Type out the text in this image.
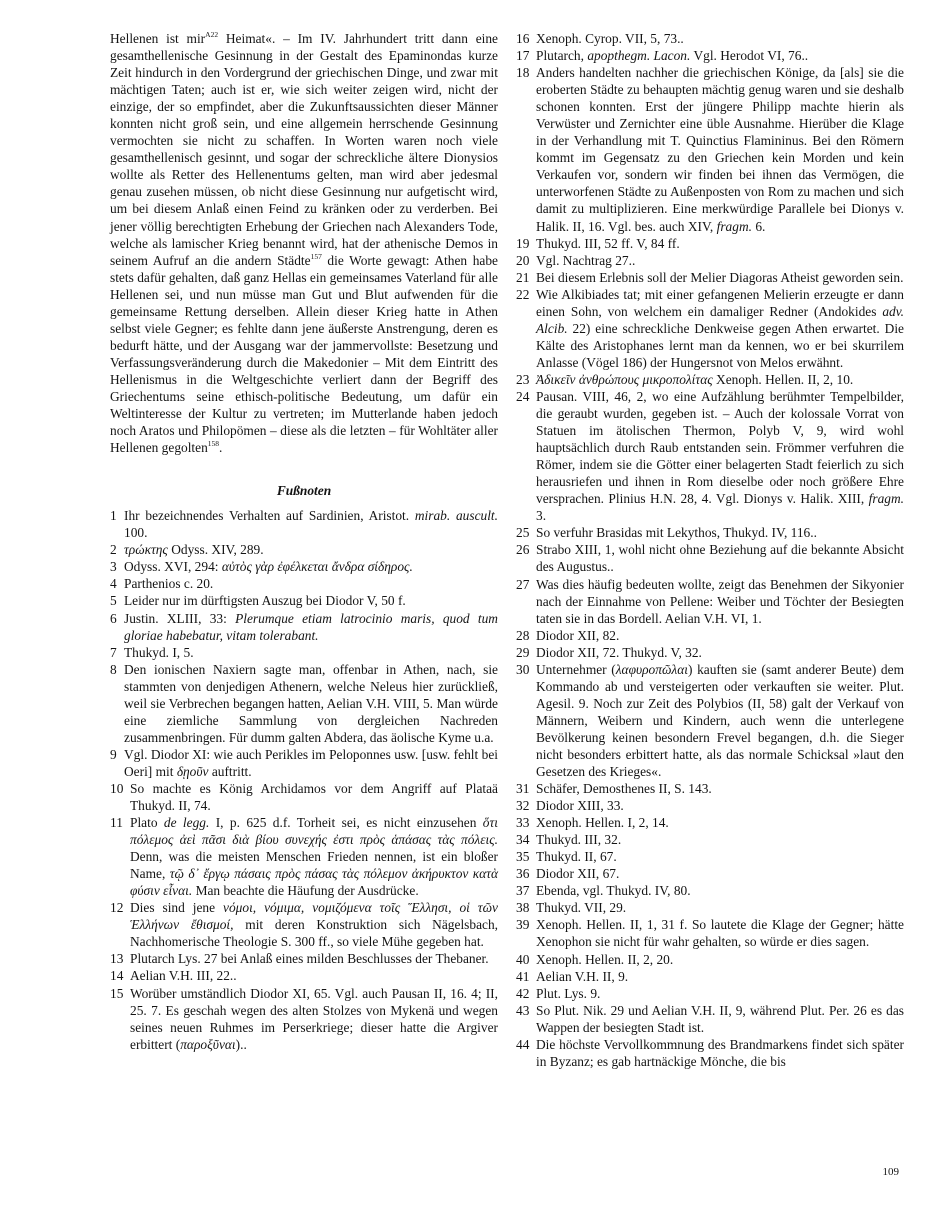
Hellenen ist mir$^{A22}$ Heimat«. – Im IV. Jahrhundert tritt dann eine gesamthellenische Gesinnung in der Gestalt des Epaminondas kurze Zeit hindurch in den Vordergrund der griechischen Dinge, und zwar mit mächtigen Taten; auch ist er, wie sich weiter zeigen wird, nicht der einzige, der so empfindet, aber die Zukunftsaussichten dieser Männer konnten nicht groß sein, und eine allgemein herrschende Gesinnung vermochten sie nicht zu schaffen. In Worten waren noch viele gesamthellenisch gesinnt, und sogar der schreckliche ältere Dionysios wollte als Retter des Hellenentums gelten, man wird aber jedesmal genau zusehen müssen, ob nicht diese Gesinnung nur aufgetischt wird, um bei diesem Anlaß einen Feind zu kränken oder zu verderben. Bei jener völlig berechtigten Erhebung der Griechen nach Alexanders Tode, welche als lamischer Krieg benannt wird, hat der athenische Demos in seinem Aufruf an die andern Städte$^{157}$ die Worte gewagt: Athen habe stets dafür gehalten, daß ganz Hellas ein gemeinsames Vaterland für alle Hellenen sei, und nun müsse man Gut und Blut aufwenden für die gemeinsame Rettung derselben. Allein dieser Krieg hatte in Athen selbst viele Gegner; es fehlte dann jene äußerste Anstrengung, deren es bedurft hätte, und der Ausgang war der jammervollste: Besetzung und Verfassungsveränderung durch die Makedonier – Mit dem Eintritt des Hellenismus in die Weltgeschichte verliert dann der Begriff des Griechentums seine ethisch-politische Bedeutung, um dafür ein Weltinteresse der Kultur zu vertreten; im Mutterlande haben jedoch noch Aratos und Philopömen – diese als die letzten – für Wohltäter aller Hellenen gegolten$^{158}$.

Fußnoten

1 Ihr bezeichnendes Verhalten auf Sardinien, Aristot. mirab. auscult. 100.

2 τρώκτης Odyss. XIV, 289.

3 Odyss. XVI, 294: αὐτὸς γὰρ ἐφέλκεται ἄνδρα σίδηρος.

4 Parthenios c. 20.

5 Leider nur im dürftigsten Auszug bei Diodor V, 50 f.

6 Justin. XLIII, 33: Plerumque etiam latrocinio maris, quod tum gloriae habebatur, vitam tolerabant.

7 Thukyd. I, 5.

8 Den ionischen Naxiern sagte man, offenbar in Athen, nach, sie stammten von denjedigen Athenern, welche Neleus hier zurückließ, weil sie Verbrechen begangen hatten, Aelian V.H. VIII, 5. Man würde eine ziemliche Sammlung von dergleichen Nachreden zusammenbringen. Für dumm galten Abdera, das äolische Kyme u.a.

9 Vgl. Diodor XI: wie auch Perikles im Peloponnes usw. [usw. fehlt bei Oeri] mit δῃοῦν auftritt.

10 So machte es König Archidamos vor dem Angriff auf Plataä Thukyd. II, 74.

11 Plato de legg. I, p. 625 d.f. Torheit sei, es nicht einzusehen ὅτι πόλεμος ἀεὶ πᾶσι διὰ βίου συνεχής ἐστι πρὸς ἁπάσας τὰς πόλεις. Denn, was die meisten Menschen Frieden nennen, ist ein bloßer Name, τῷ δ᾽ ἔργῳ πάσαις πρὸς πάσας τὰς πόλεμον ἀκήρυκτον κατὰ φύσιν εἶναι. Man beachte die Häufung der Ausdrücke.

12 Dies sind jene νόμοι, νόμιμα, νομιζόμενα τοῖς Ἕλλησι, οἱ τῶν Ἑλλήνων ἔθισμοί, mit deren Konstruktion sich Nägelsbach, Nachhomerische Theologie S. 300 ff., so viele Mühe gegeben hat.

13 Plutarch Lys. 27 bei Anlaß eines milden Beschlusses der Thebaner.

14 Aelian V.H. III, 22..

15 Worüber umständlich Diodor XI, 65. Vgl. auch Pausan II, 16. 4; II, 25. 7. Es geschah wegen des alten Stolzes von Mykenä und wegen seines neuen Ruhmes im Perserkriege; dieser hatte die Argiver erbittert (παροξῦναι)..

16 Xenoph. Cyrop. VII, 5, 73..

17 Plutarch, apopthegm. Lacon. Vgl. Herodot VI, 76..

18 Anders handelten nachher die griechischen Könige, da [als] sie die eroberten Städte zu behaupten mächtig genug waren und sie deshalb schonen konnten. Erst der jüngere Philipp machte hierin als Verwüster und Zernichter eine üble Ausnahme. Hierüber die Klage in der Verhandlung mit T. Quinctius Flamininus. Bei den Römern kommt im Gegensatz zu den Griechen kein Morden und kein Verkaufen vor, sondern wir finden bei ihnen das Vermögen, die unterworfenen Städte zu Außenposten von Rom zu machen und sich damit zu multiplizieren. Eine merkwürdige Parallele bei Dionys v. Halik. II, 16. Vgl. bes. auch XIV, fragm. 6.

19 Thukyd. III, 52 ff. V, 84 ff.

20 Vgl. Nachtrag 27..

21 Bei diesem Erlebnis soll der Melier Diagoras Atheist geworden sein.

22 Wie Alkibiades tat; mit einer gefangenen Melierin erzeugte er dann einen Sohn, von welchem ein damaliger Redner (Andokides adv. Alcib. 22) eine schreckliche Denkweise gegen Athen erwartet. Die Kälte des Aristophanes lernt man da kennen, wo er bei skurrilem Anlasse (Vögel 186) der Hungersnot von Melos erwähnt.

23 Ἀδικεῖν ἀνθρώπους μικροπολίτας Xenoph. Hellen. II, 2, 10.

24 Pausan. VIII, 46, 2, wo eine Aufzählung berühmter Tempelbilder, die geraubt wurden, gegeben ist. – Auch der kolossale Vorrat von Statuen im ätolischen Thermon, Polyb V, 9, wird wohl hauptsächlich durch Raub entstanden sein. Frömmer verfuhren die Römer, indem sie die Götter einer belagerten Stadt feierlich zu sich herausriefen und ihnen in Rom dieselbe oder noch größere Ehre versprachen. Plinius H.N. 28, 4. Vgl. Dionys v. Halik. XIII, fragm. 3.

25 So verfuhr Brasidas mit Lekythos, Thukyd. IV, 116..

26 Strabo XIII, 1, wohl nicht ohne Beziehung auf die bekannte Absicht des Augustus..

27 Was dies häufig bedeuten wollte, zeigt das Benehmen der Sikyonier nach der Einnahme von Pellene: Weiber und Töchter der Besiegten taten sie in das Bordell. Aelian V.H. VI, 1.

28 Diodor XII, 82.

29 Diodor XII, 72. Thukyd. V, 32.

30 Unternehmer (λαφυροπῶλαι) kauften sie (samt anderer Beute) dem Kommando ab und versteigerten oder verkauften sie weiter. Plut. Agesil. 9. Noch zur Zeit des Polybios (II, 58) galt der Verkauf von Männern, Weibern und Kindern, auch wenn die unterlegene Bevölkerung keinen besondern Frevel begangen, d.h. die Sieger nicht besonders erbittert hatte, als das normale Schicksal »laut den Gesetzen des Krieges«.

31 Schäfer, Demosthenes II, S. 143.

32 Diodor XIII, 33.

33 Xenoph. Hellen. I, 2, 14.

34 Thukyd. III, 32.

35 Thukyd. II, 67.

36 Diodor XII, 67.

37 Ebenda, vgl. Thukyd. IV, 80.

38 Thukyd. VII, 29.

39 Xenoph. Hellen. II, 1, 31 f. So lautete die Klage der Gegner; hätte Xenophon sie nicht für wahr gehalten, so würde er dies sagen.

40 Xenoph. Hellen. II, 2, 20.

41 Aelian V.H. II, 9.

42 Plut. Lys. 9.

43 So Plut. Nik. 29 und Aelian V.H. II, 9, während Plut. Per. 26 es das Wappen der besiegten Stadt ist.

44 Die höchste Vervollkommnung des Brandmarkens findet sich später in Byzanz; es gab hartnäckige Mönche, die bis

109
